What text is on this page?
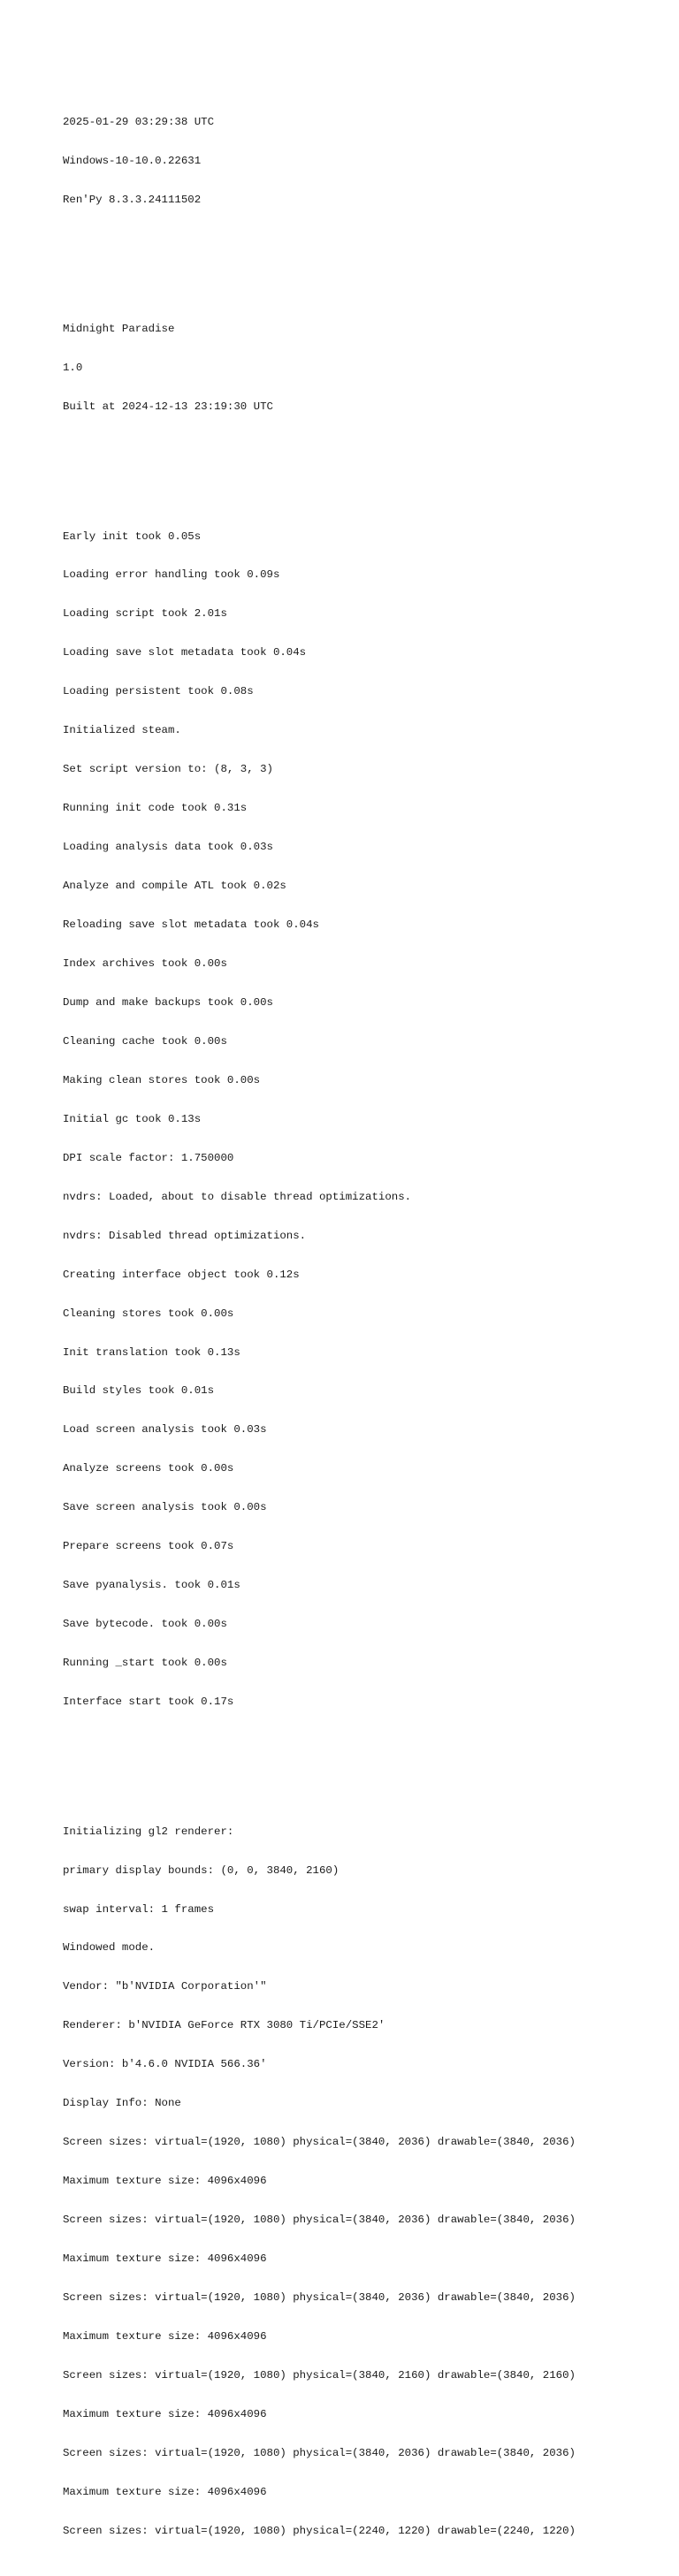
2025-01-29 03:29:38 UTC

Windows-10-10.0.22631

Ren'Py 8.3.3.24111502

Midnight Paradise

1.0

Built at 2024-12-13 23:19:30 UTC

Early init took 0.05s

Loading error handling took 0.09s

Loading script took 2.01s

Loading save slot metadata took 0.04s

Loading persistent took 0.08s

Initialized steam.

Set script version to: (8, 3, 3)

Running init code took 0.31s

Loading analysis data took 0.03s

Analyze and compile ATL took 0.02s

Reloading save slot metadata took 0.04s

Index archives took 0.00s

Dump and make backups took 0.00s

Cleaning cache took 0.00s

Making clean stores took 0.00s

Initial gc took 0.13s

DPI scale factor: 1.750000

nvdrs: Loaded, about to disable thread optimizations.

nvdrs: Disabled thread optimizations.

Creating interface object took 0.12s

Cleaning stores took 0.00s

Init translation took 0.13s

Build styles took 0.01s

Load screen analysis took 0.03s

Analyze screens took 0.00s

Save screen analysis took 0.00s

Prepare screens took 0.07s

Save pyanalysis. took 0.01s

Save bytecode. took 0.00s

Running _start took 0.00s

Interface start took 0.17s

Initializing gl2 renderer:

primary display bounds: (0, 0, 3840, 2160)

swap interval: 1 frames

Windowed mode.

Vendor: "b'NVIDIA Corporation'"

Renderer: b'NVIDIA GeForce RTX 3080 Ti/PCIe/SSE2'

Version: b'4.6.0 NVIDIA 566.36'

Display Info: None

Screen sizes: virtual=(1920, 1080) physical=(3840, 2036) drawable=(3840, 2036)

Maximum texture size: 4096x4096

Screen sizes: virtual=(1920, 1080) physical=(3840, 2036) drawable=(3840, 2036)

Maximum texture size: 4096x4096

Screen sizes: virtual=(1920, 1080) physical=(3840, 2036) drawable=(3840, 2036)

Maximum texture size: 4096x4096

Screen sizes: virtual=(1920, 1080) physical=(3840, 2160) drawable=(3840, 2160)

Maximum texture size: 4096x4096

Screen sizes: virtual=(1920, 1080) physical=(3840, 2036) drawable=(3840, 2036)

Maximum texture size: 4096x4096

Screen sizes: virtual=(1920, 1080) physical=(2240, 1220) drawable=(2240, 1220)
